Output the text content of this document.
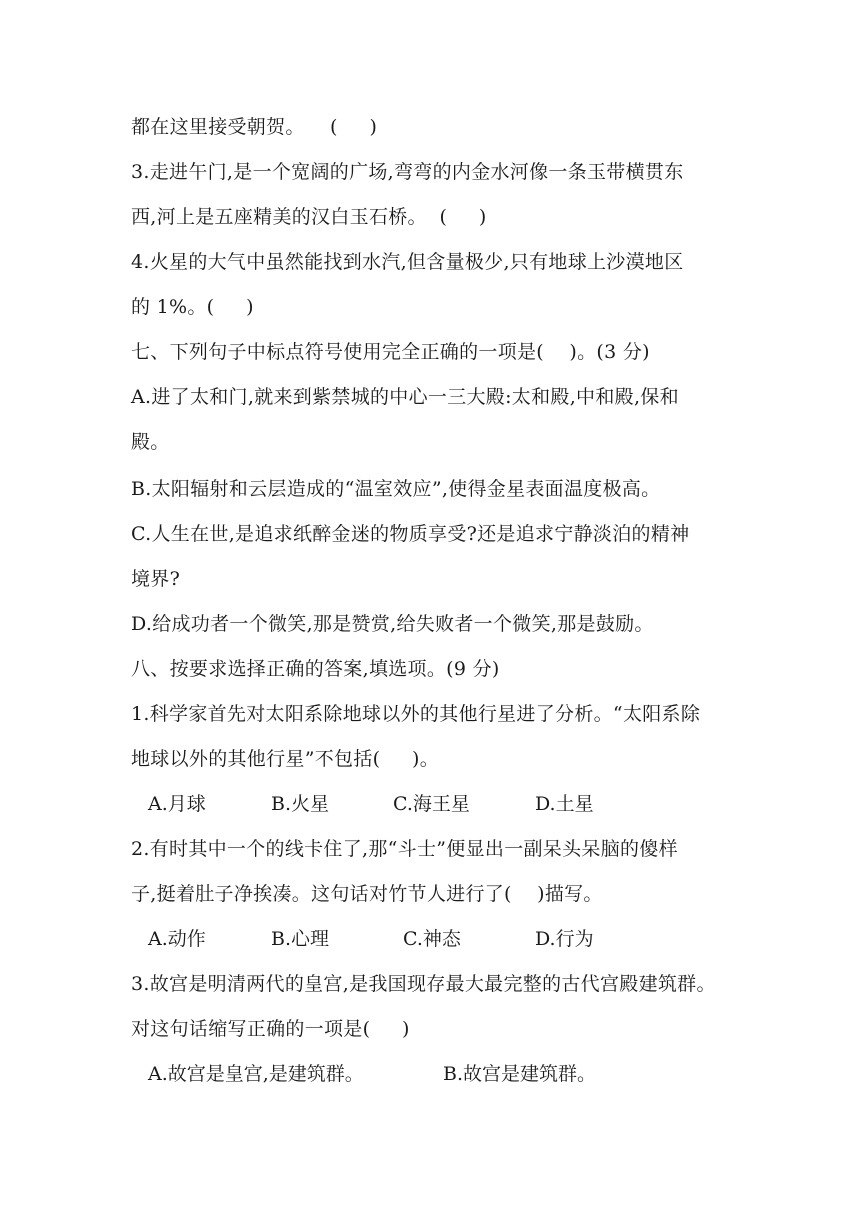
都在这里接受朝贺。    (     )
3.走进午门,是一个宽阔的广场,弯弯的内金水河像一条玉带横贯东
西,河上是五座精美的汉白玉石桥。  (     )
4.火星的大气中虽然能找到水汽,但含量极少,只有地球上沙漠地区
的 1%。(     )
七、下列句子中标点符号使用完全正确的一项是(    )。(3 分)
A.进了太和门,就来到紫禁城的中心一三大殿:太和殿,中和殿,保和
殿。
B.太阳辐射和云层造成的“温室效应”,使得金星表面温度极高。
C.人生在世,是追求纸醉金迷的物质享受?还是追求宁静淡泊的精神
境界?
D.给成功者一个微笑,那是赞赏,给失败者一个微笑,那是鼓励。
八、按要求选择正确的答案,填选项。(9 分)
1.科学家首先对太阳系除地球以外的其他行星进了分析。“太阳系除
地球以外的其他行星”不包括(     )。
A.月球	B.火星	C.海王星	D.土星
2.有时其中一个的线卡住了,那“斗士”便显出一副呆头呆脑的傻样
子,挺着肚子净挨凑。这句话对竹节人进行了(    )描写。
A.动作	B.心理	C.神态	D.行为
3.故宫是明清两代的皇宫,是我国现存最大最完整的古代宫殿建筑群。
对这句话缩写正确的一项是(     )
A.故宫是皇宫,是建筑群。	B.故宫是建筑群。
